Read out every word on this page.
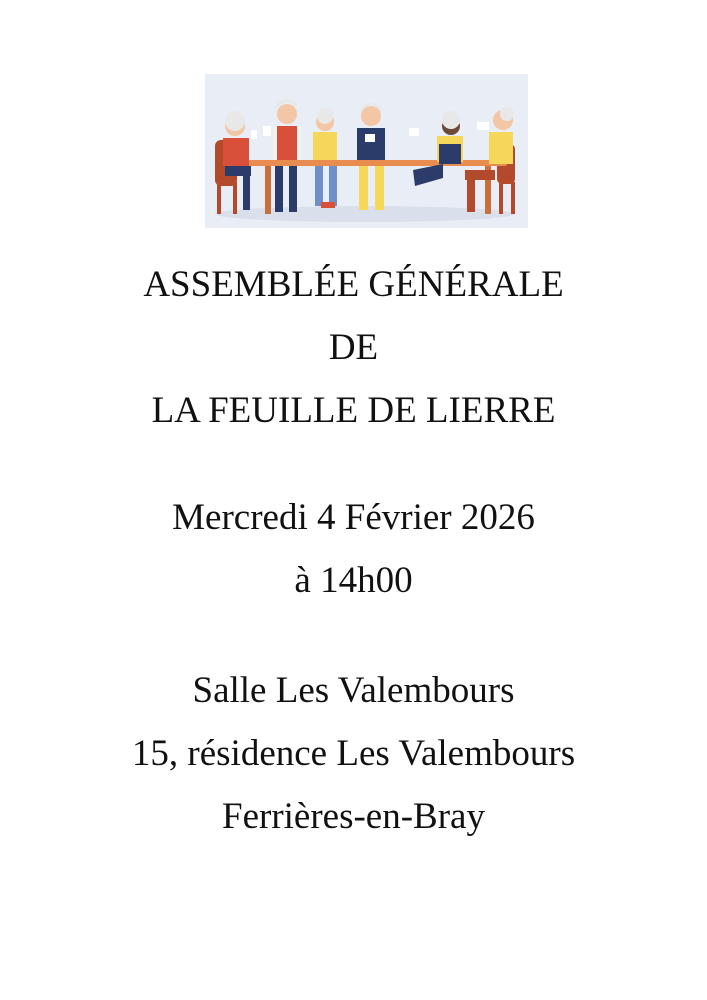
ASSEMBLÉE GÉNÉRALE
DE
LA FEUILLE DE LIERRE
Mercredi 4 Février 2026
à 14h00
Salle Les Valembours
15, résidence Les Valembours
Ferrières-en-Bray
